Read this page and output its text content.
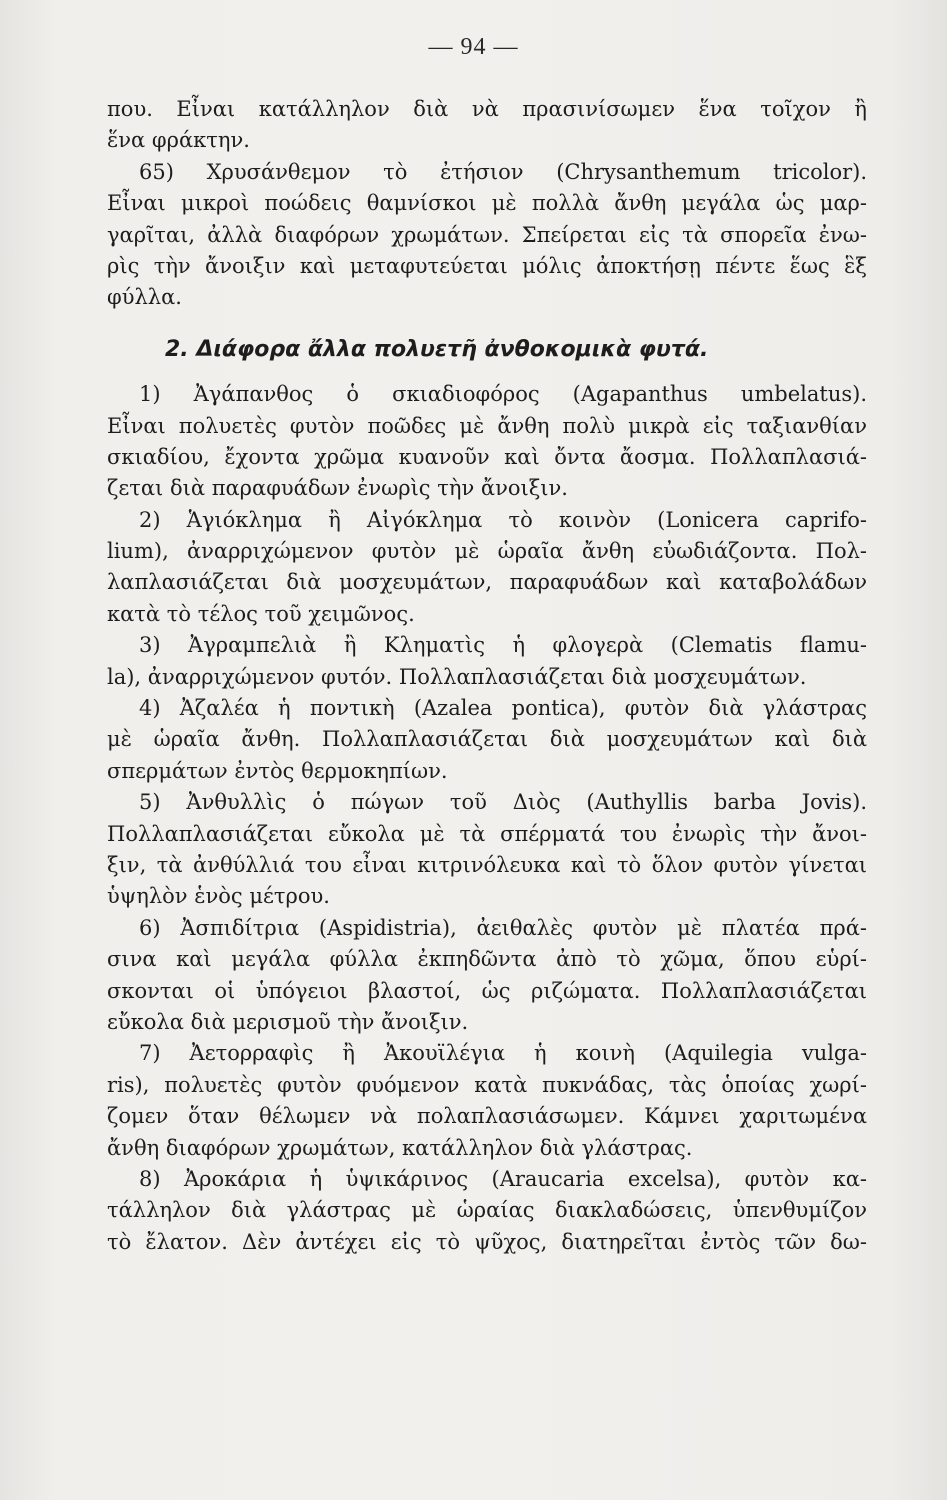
— 94 —
που. Εἶναι κατάλληλον διὰ νὰ πρασινίσωμεν ἕνα τοῖχον ἢ
ἕνα φράκτην.
65) Χρυσάνθεμον τὸ ἐτήσιον (Chrysanthemum tricolor).
Εἶναι μικροὶ ποώδεις θαμνίσκοι μὲ πολλὰ ἄνθη μεγάλα ὡς μαρ-
γαρῖται, ἀλλὰ διαφόρων χρωμάτων. Σπείρεται εἰς τὰ σπορεῖα ἐνω-
ρὶς τὴν ἄνοιξιν καὶ μεταφυτεύεται μόλις ἀποκτήσῃ πέντε ἕως ἓξ
φύλλα.
2. Διάφορα ἄλλα πολυετῆ ἀνθοκομικὰ φυτά.
1) Ἀγάπανθος ὁ σκιαδιοφόρος (Agapanthus umbelatus).
Εἶναι πολυετὲς φυτὸν ποῶδες μὲ ἄνθη πολὺ μικρὰ εἰς ταξιανθίαν
σκιαδίου, ἔχοντα χρῶμα κυανοῦν καὶ ὄντα ἄοσμα. Πολλαπλασιά-
ζεται διὰ παραφυάδων ἐνωρὶς τὴν ἄνοιξιν.
2) Ἁγιόκλημα ἢ Αἰγόκλημα τὸ κοινὸν (Lonicera caprifo-
lium), ἀναρριχώμενον φυτὸν μὲ ὡραῖα ἄνθη εὐωδιάζοντα. Πολ-
λαπλασιάζεται διὰ μοσχευμάτων, παραφυάδων καὶ καταβολάδων
κατὰ τὸ τέλος τοῦ χειμῶνος.
3) Ἀγραμπελιὰ ἢ Κληματὶς ἡ φλογερὰ (Clematis flamu-
la), ἀναρριχώμενον φυτόν. Πολλαπλασιάζεται διὰ μοσχευμάτων.
4) Ἀζαλέα ἡ ποντικὴ (Azalea pontica), φυτὸν διὰ γλάστρας
μὲ ὡραῖα ἄνθη. Πολλαπλασιάζεται διὰ μοσχευμάτων καὶ διὰ
σπερμάτων ἐντὸς θερμοκηπίων.
5) Ἀνθυλλὶς ὁ πώγων τοῦ Διὸς (Authyllis barba Jovis).
Πολλαπλασιάζεται εὔκολα μὲ τὰ σπέρματά του ἐνωρὶς τὴν ἄνοι-
ξιν, τὰ ἀνθύλλιά του εἶναι κιτρινόλευκα καὶ τὸ ὅλον φυτὸν γίνεται
ὑψηλὸν ἑνὸς μέτρου.
6) Ἀσπιδίτρια (Aspidistria), ἀειθαλὲς φυτὸν μὲ πλατέα πρά-
σινα καὶ μεγάλα φύλλα ἐκπηδῶντα ἀπὸ τὸ χῶμα, ὅπου εὑρί-
σκονται οἱ ὑπόγειοι βλαστοί, ὡς ριζώματα. Πολλαπλασιάζεται
εὔκολα διὰ μερισμοῦ τὴν ἄνοιξιν.
7) Ἀετορραφὶς ἢ Ἀκουϊλέγια ἡ κοινὴ (Aquilegia vulga-
ris), πολυετὲς φυτὸν φυόμενον κατὰ πυκνάδας, τὰς ὁποίας χωρί-
ζομεν ὅταν θέλωμεν νὰ πολαπλασιάσωμεν. Κάμνει χαριτωμένα
ἄνθη διαφόρων χρωμάτων, κατάλληλον διὰ γλάστρας.
8) Ἀροκάρια ἡ ὑψικάρινος (Araucaria excelsa), φυτὸν κα-
τάλληλον διὰ γλάστρας μὲ ὡραίας διακλαδώσεις, ὑπενθυμίζον
τὸ ἔλατον. Δὲν ἀντέχει εἰς τὸ ψῦχος, διατηρεῖται ἐντὸς τῶν δω-
